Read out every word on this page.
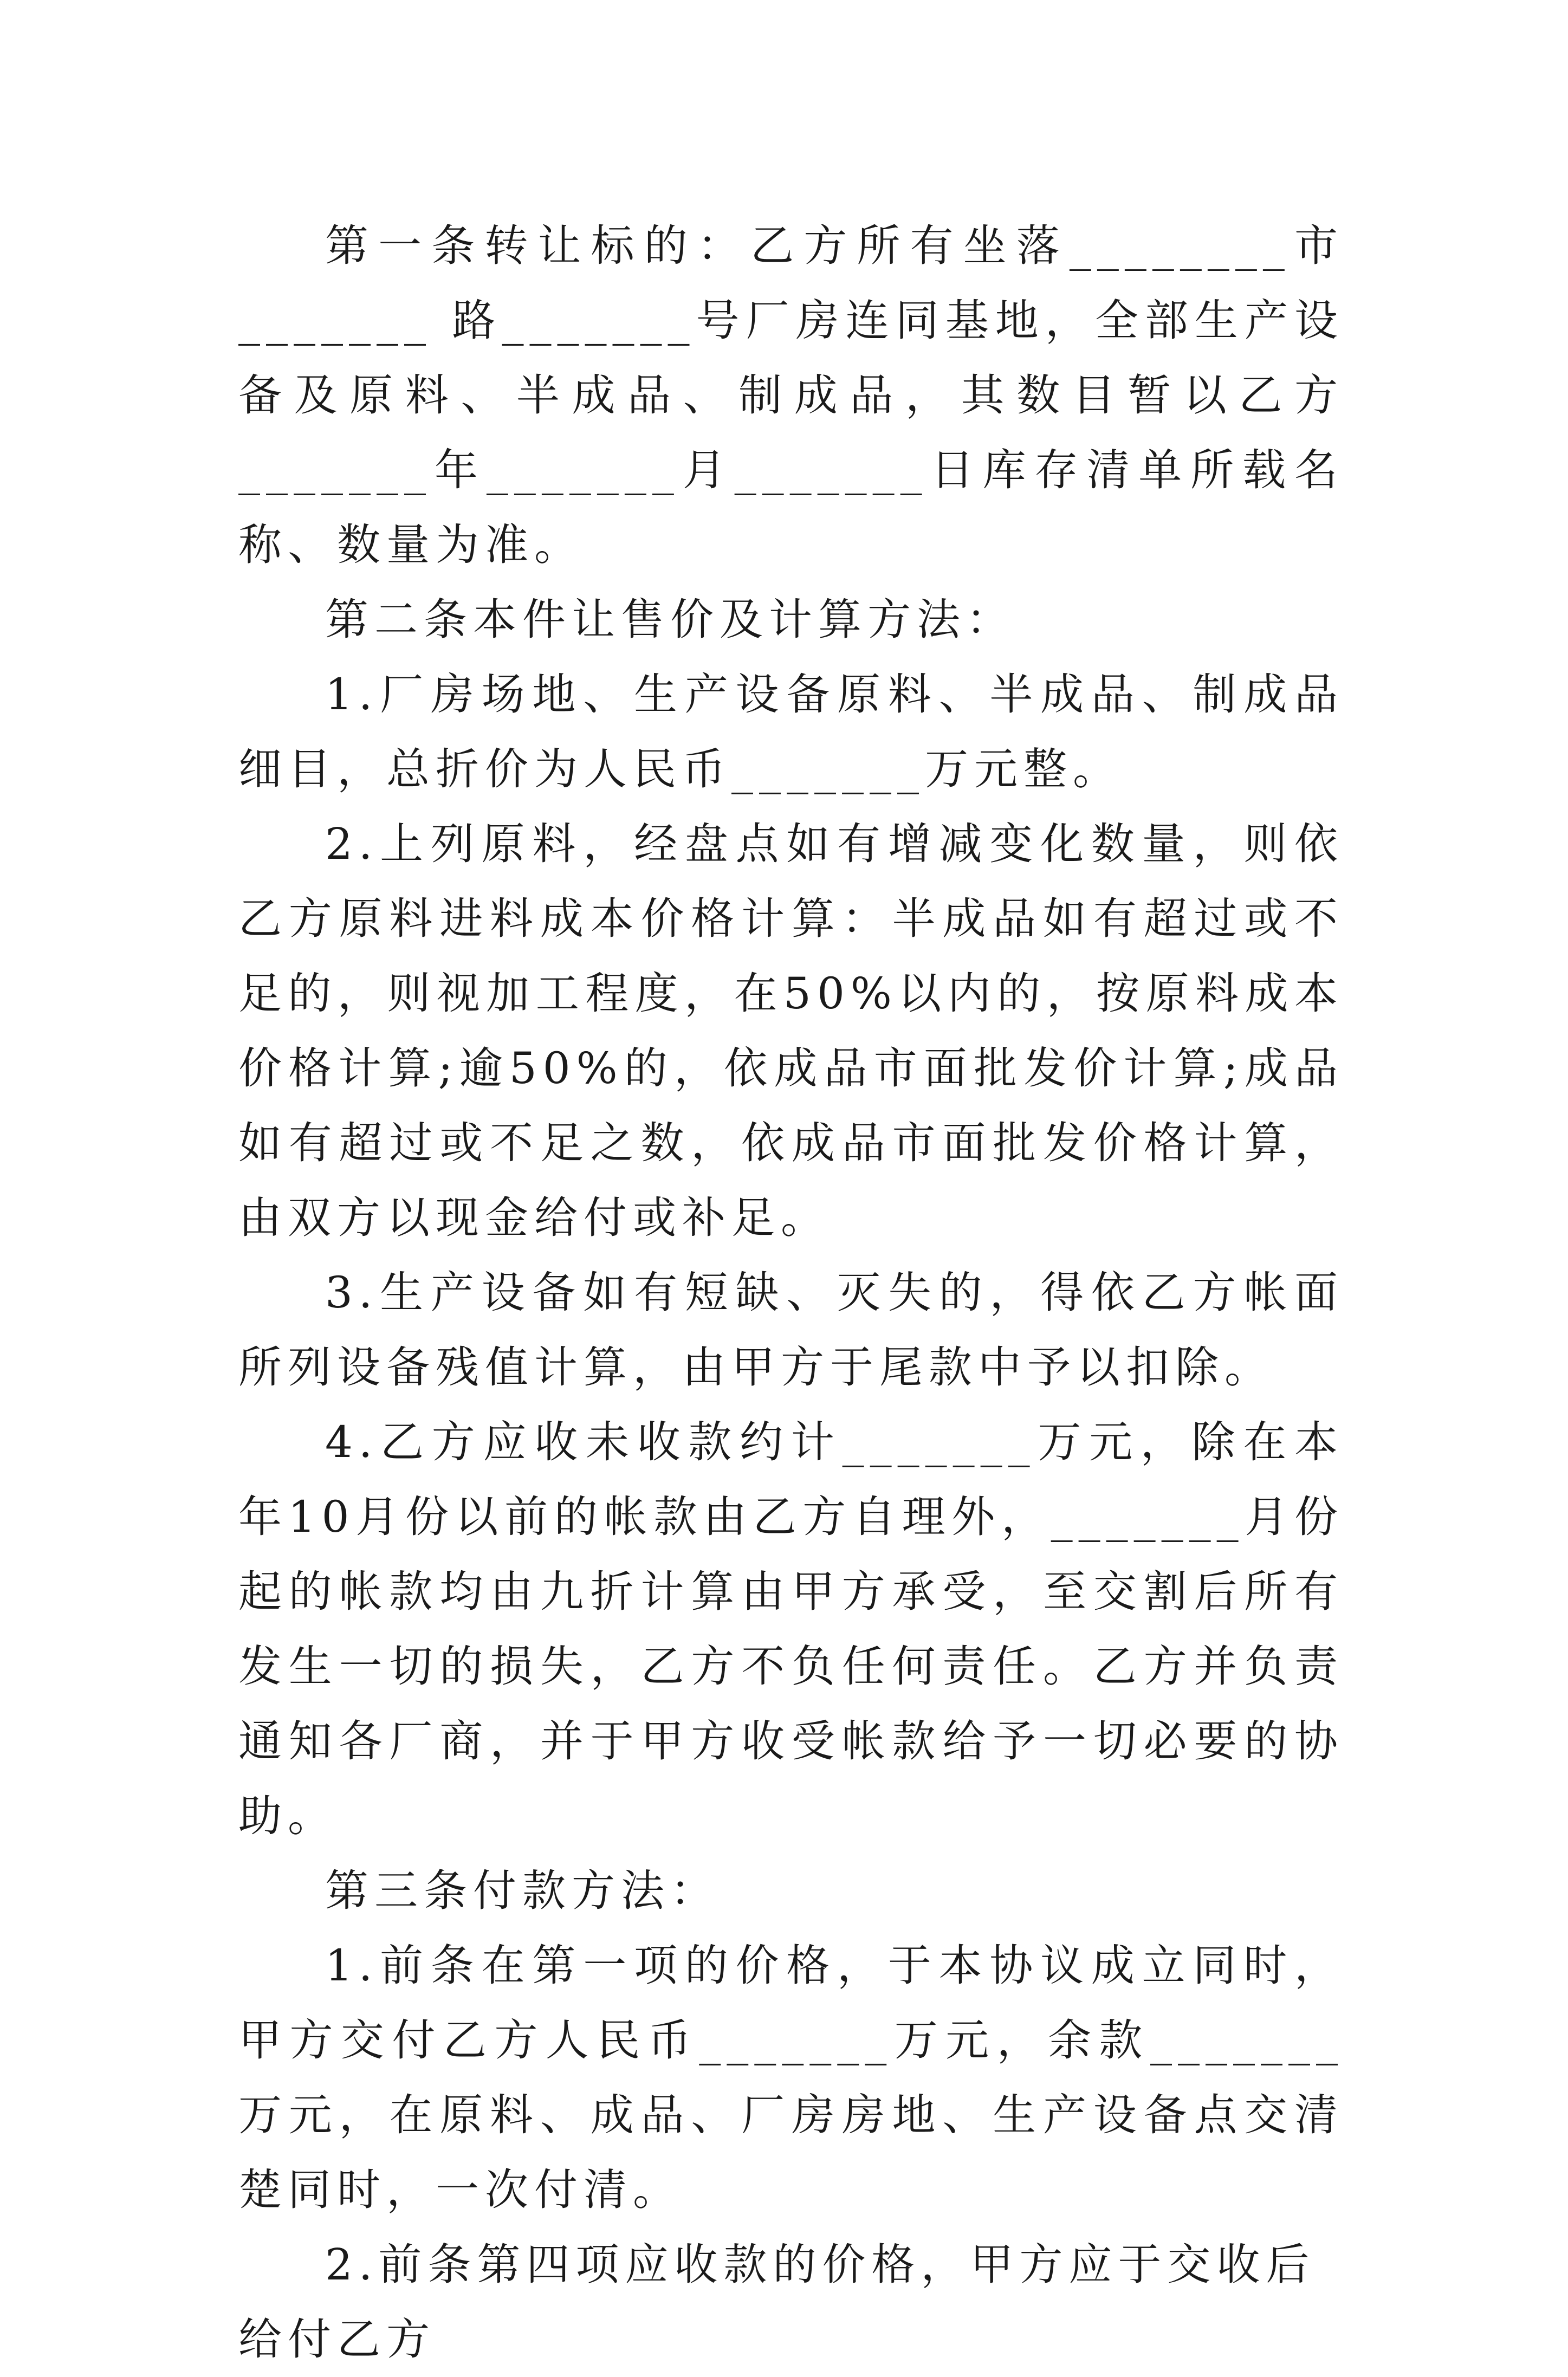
第一条转让标的：乙方所有坐落________市_______ 路_______号厂房连同基地，全部生产设备及原料、半成品、制成品，其数目暂以乙方_______年_______月_______日库存清单所载名称、数量为准。

第二条本件让售价及计算方法：

1.厂房场地、生产设备原料、半成品、制成品细目，总折价为人民币_______万元整。

2.上列原料，经盘点如有增减变化数量，则依乙方原料进料成本价格计算：半成品如有超过或不足的，则视加工程度，在50%以内的，按原料成本价格计算;逾50%的，依成品市面批发价计算;成品如有超过或不足之数，依成品市面批发价格计算，由双方以现金给付或补足。

3.生产设备如有短缺、灭失的，得依乙方帐面所列设备残值计算，由甲方于尾款中予以扣除。

4.乙方应收未收款约计_______万元，除在本年10月份以前的帐款由乙方自理外，_______月份起的帐款均由九折计算由甲方承受，至交割后所有发生一切的损失，乙方不负任何责任。乙方并负责通知各厂商，并于甲方收受帐款给予一切必要的协助。

第三条付款方法：

1.前条在第一项的价格，于本协议成立同时，甲方交付乙方人民币_______万元，余款_______万元，在原料、成品、厂房房地、生产设备点交清楚同时，一次付清。

2.前条第四项应收款的价格，甲方应于交收后给付乙方
